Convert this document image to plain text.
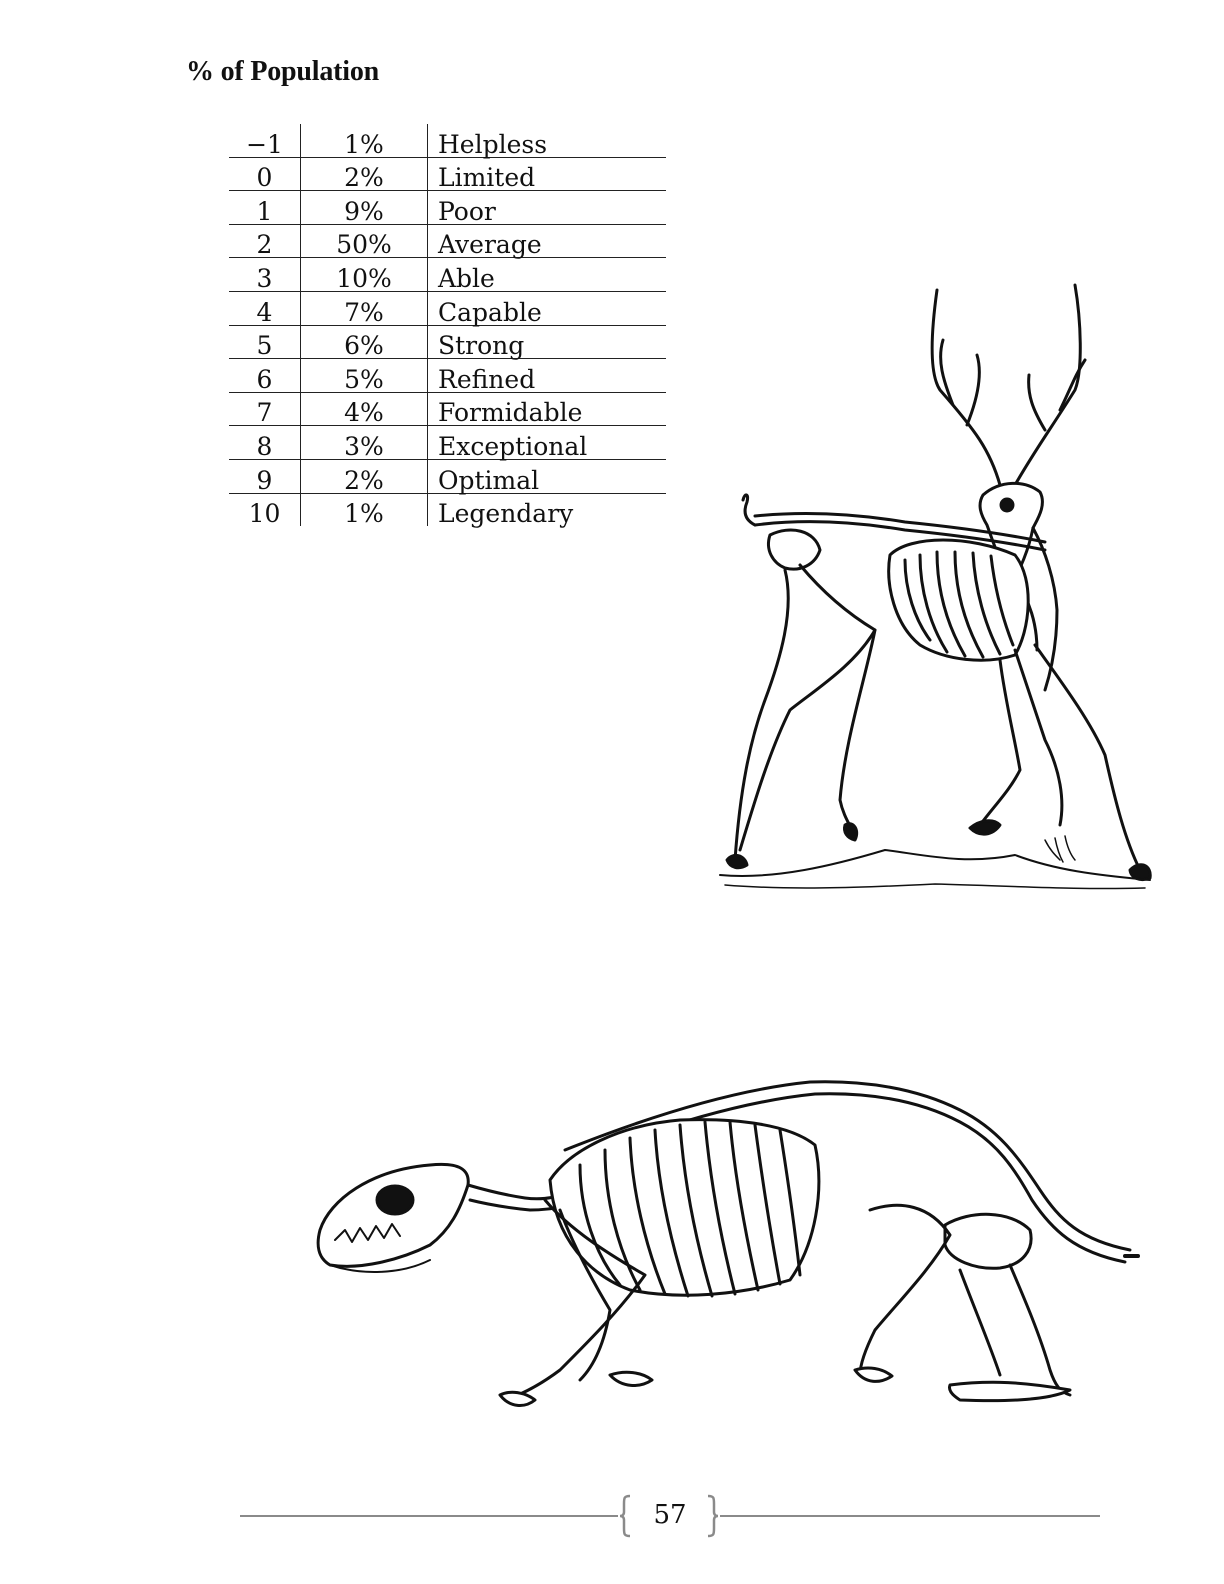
% of Population
−1	1%	Helpless
0	2%	Limited
1	9%	Poor
2	50%	Average
3	10%	Able
4	7%	Capable
5	6%	Strong
6	5%	Refined
7	4%	Formidable
8	3%	Exceptional
9	2%	Optimal
10	1%	Legendary
57
